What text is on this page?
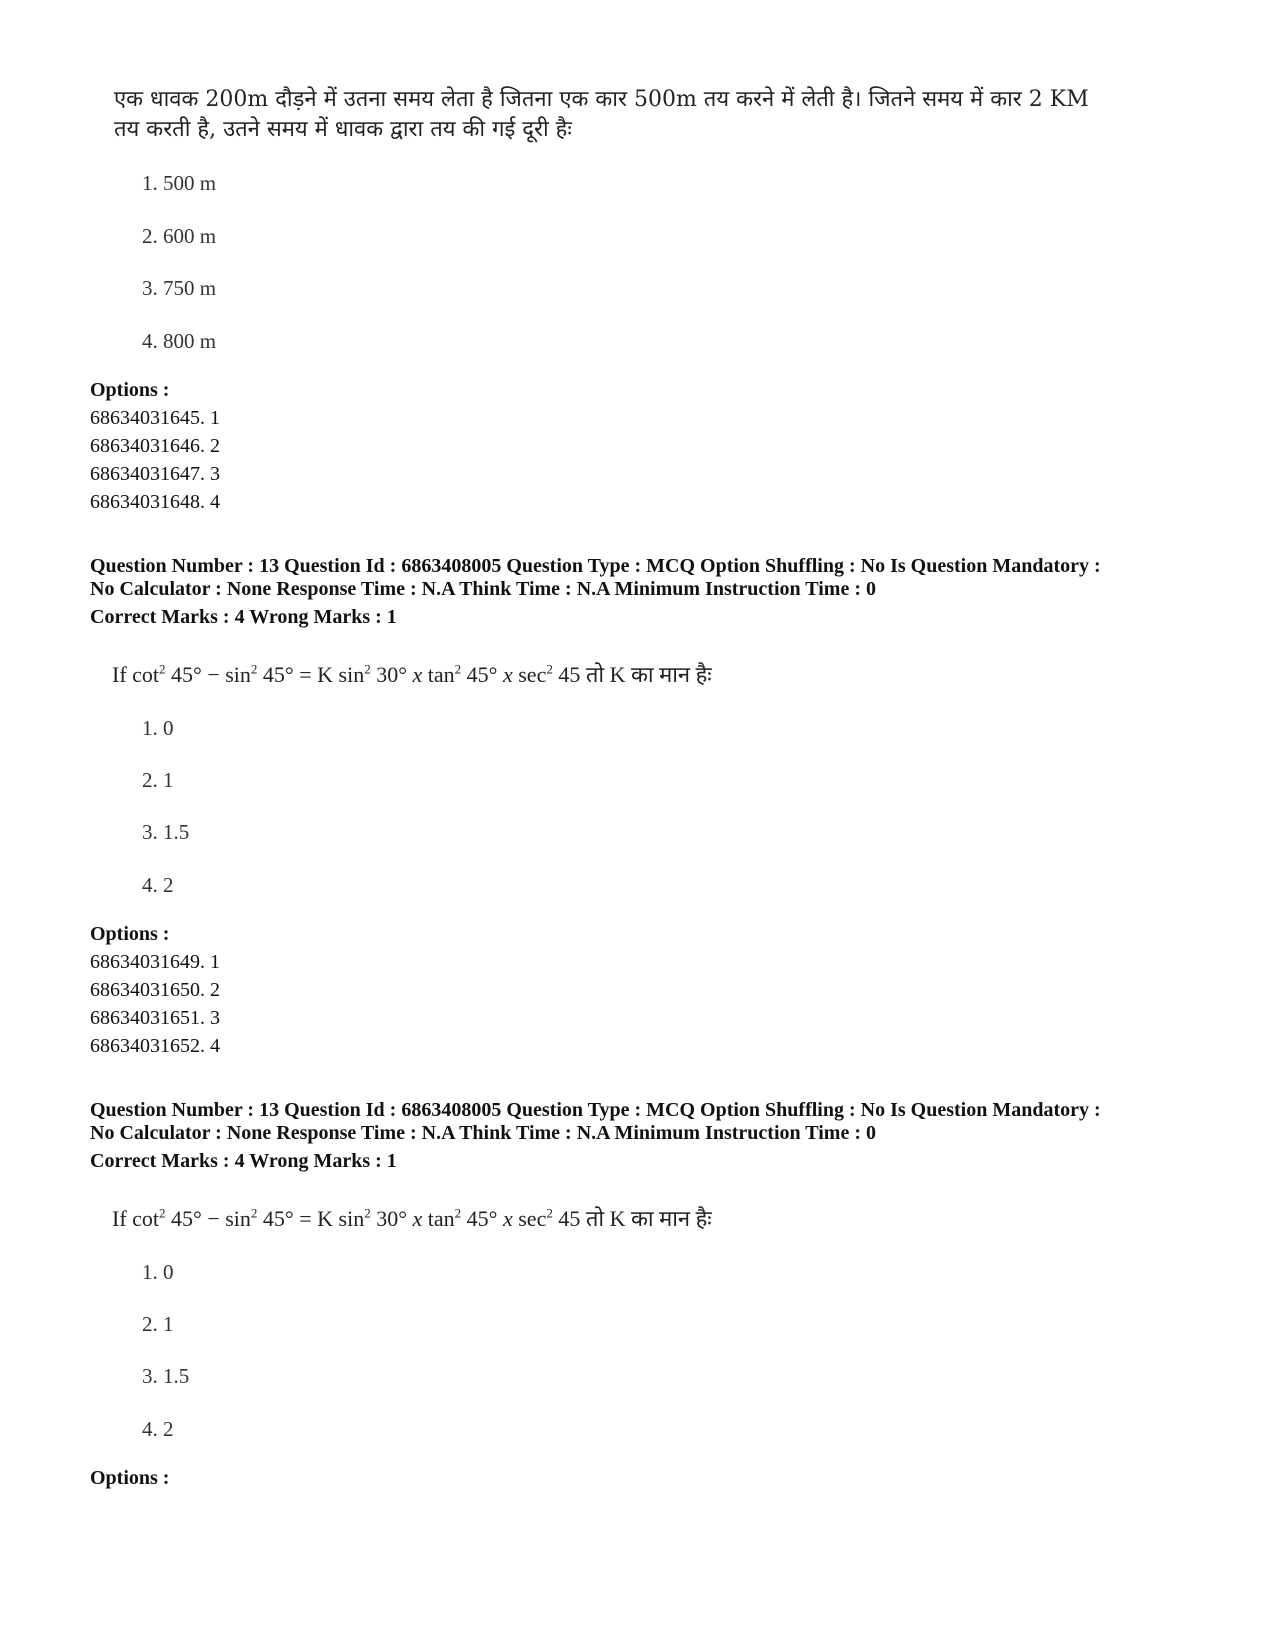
एक धावक 200m दौड़ने में उतना समय लेता है जितना एक कार 500m तय करने में लेती है। जितने समय में कार 2 KM
तय करती है, उतने समय में धावक द्वारा तय की गई दूरी हैः
1. 500 m
2. 600 m
3. 750 m
4. 800 m
Options :
68634031645. 1
68634031646. 2
68634031647. 3
68634031648. 4
Question Number : 13 Question Id : 6863408005 Question Type : MCQ Option Shuffling : No Is Question Mandatory :
No Calculator : None Response Time : N.A Think Time : N.A Minimum Instruction Time : 0
Correct Marks : 4 Wrong Marks : 1
If $\cot^2 45^\circ - \sin^2 45^\circ = K$ $\sin^2 30^\circ$ x $\tan^2 45^\circ$ x $\sec^2 45$ तो K का मान हैः
1. 0
2. 1
3. 1.5
4. 2
Options :
68634031649. 1
68634031650. 2
68634031651. 3
68634031652. 4
Question Number : 13 Question Id : 6863408005 Question Type : MCQ Option Shuffling : No Is Question Mandatory :
No Calculator : None Response Time : N.A Think Time : N.A Minimum Instruction Time : 0
Correct Marks : 4 Wrong Marks : 1
If $\cot^2 45^\circ - \sin^2 45^\circ = K$ $\sin^2 30^\circ$ x $\tan^2 45^\circ$ x $\sec^2 45$ तो K का मान हैः
1. 0
2. 1
3. 1.5
4. 2
Options :
